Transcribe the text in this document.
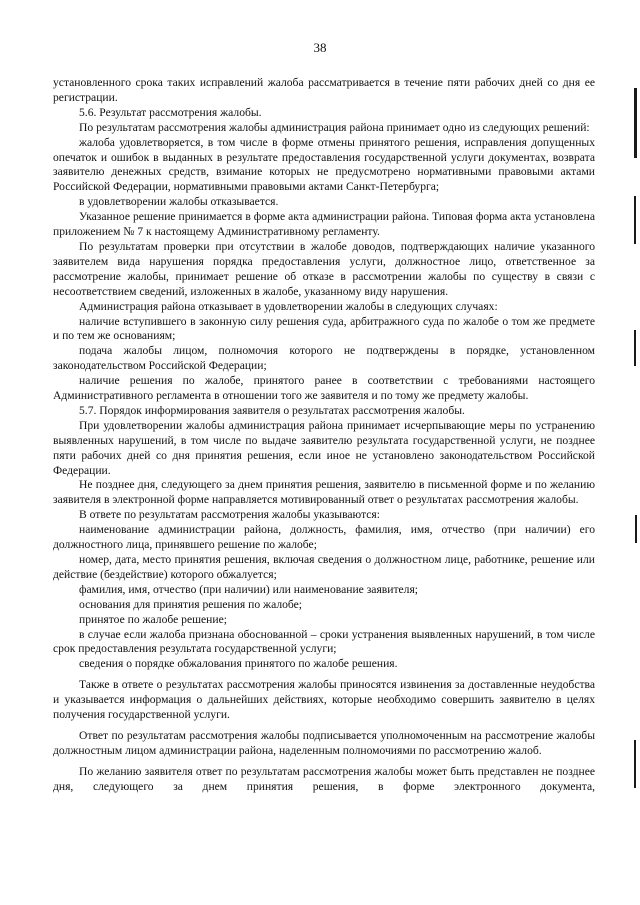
38

установленного срока таких исправлений жалоба рассматривается в течение пяти рабочих дней со дня ее регистрации.

5.6. Результат рассмотрения жалобы.

По результатам рассмотрения жалобы администрация района принимает одно из следующих решений:

жалоба удовлетворяется, в том числе в форме отмены принятого решения, исправления допущенных опечаток и ошибок в выданных в результате предоставления государственной услуги документах, возврата заявителю денежных средств, взимание которых не предусмотрено нормативными правовыми актами Российской Федерации, нормативными правовыми актами Санкт-Петербурга;

в удовлетворении жалобы отказывается.

Указанное решение принимается в форме акта администрации района. Типовая форма акта установлена приложением № 7 к настоящему Административному регламенту.

По результатам проверки при отсутствии в жалобе доводов, подтверждающих наличие указанного заявителем вида нарушения порядка предоставления услуги, должностное лицо, ответственное за рассмотрение жалобы, принимает решение об отказе в рассмотрении жалобы по существу в связи с несоответствием сведений, изложенных в жалобе, указанному виду нарушения.

Администрация района отказывает в удовлетворении жалобы в следующих случаях:

наличие вступившего в законную силу решения суда, арбитражного суда по жалобе о том же предмете и по тем же основаниям;

подача жалобы лицом, полномочия которого не подтверждены в порядке, установленном законодательством Российской Федерации;

наличие решения по жалобе, принятого ранее в соответствии с требованиями настоящего Административного регламента в отношении того же заявителя и по тому же предмету жалобы.

5.7. Порядок информирования заявителя о результатах рассмотрения жалобы.

При удовлетворении жалобы администрация района принимает исчерпывающие меры по устранению выявленных нарушений, в том числе по выдаче заявителю результата государственной услуги, не позднее пяти рабочих дней со дня принятия решения, если иное не установлено законодательством Российской Федерации.

Не позднее дня, следующего за днем принятия решения, заявителю в письменной форме и по желанию заявителя в электронной форме направляется мотивированный ответ о результатах рассмотрения жалобы.

В ответе по результатам рассмотрения жалобы указываются:

наименование администрации района, должность, фамилия, имя, отчество (при наличии) его должностного лица, принявшего решение по жалобе;

номер, дата, место принятия решения, включая сведения о должностном лице, работнике, решение или действие (бездействие) которого обжалуется;

фамилия, имя, отчество (при наличии) или наименование заявителя;

основания для принятия решения по жалобе;

принятое по жалобе решение;

в случае если жалоба признана обоснованной – сроки устранения выявленных нарушений, в том числе срок предоставления результата государственной услуги;

сведения о порядке обжалования принятого по жалобе решения.

Также в ответе о результатах рассмотрения жалобы приносятся извинения за доставленные неудобства и указывается информация о дальнейших действиях, которые необходимо совершить заявителю в целях получения государственной услуги.

Ответ по результатам рассмотрения жалобы подписывается уполномоченным на рассмотрение жалобы должностным лицом администрации района, наделенным полномочиями по рассмотрению жалоб.

По желанию заявителя ответ по результатам рассмотрения жалобы может быть представлен не позднее дня, следующего за днем принятия решения, в форме электронного документа,
